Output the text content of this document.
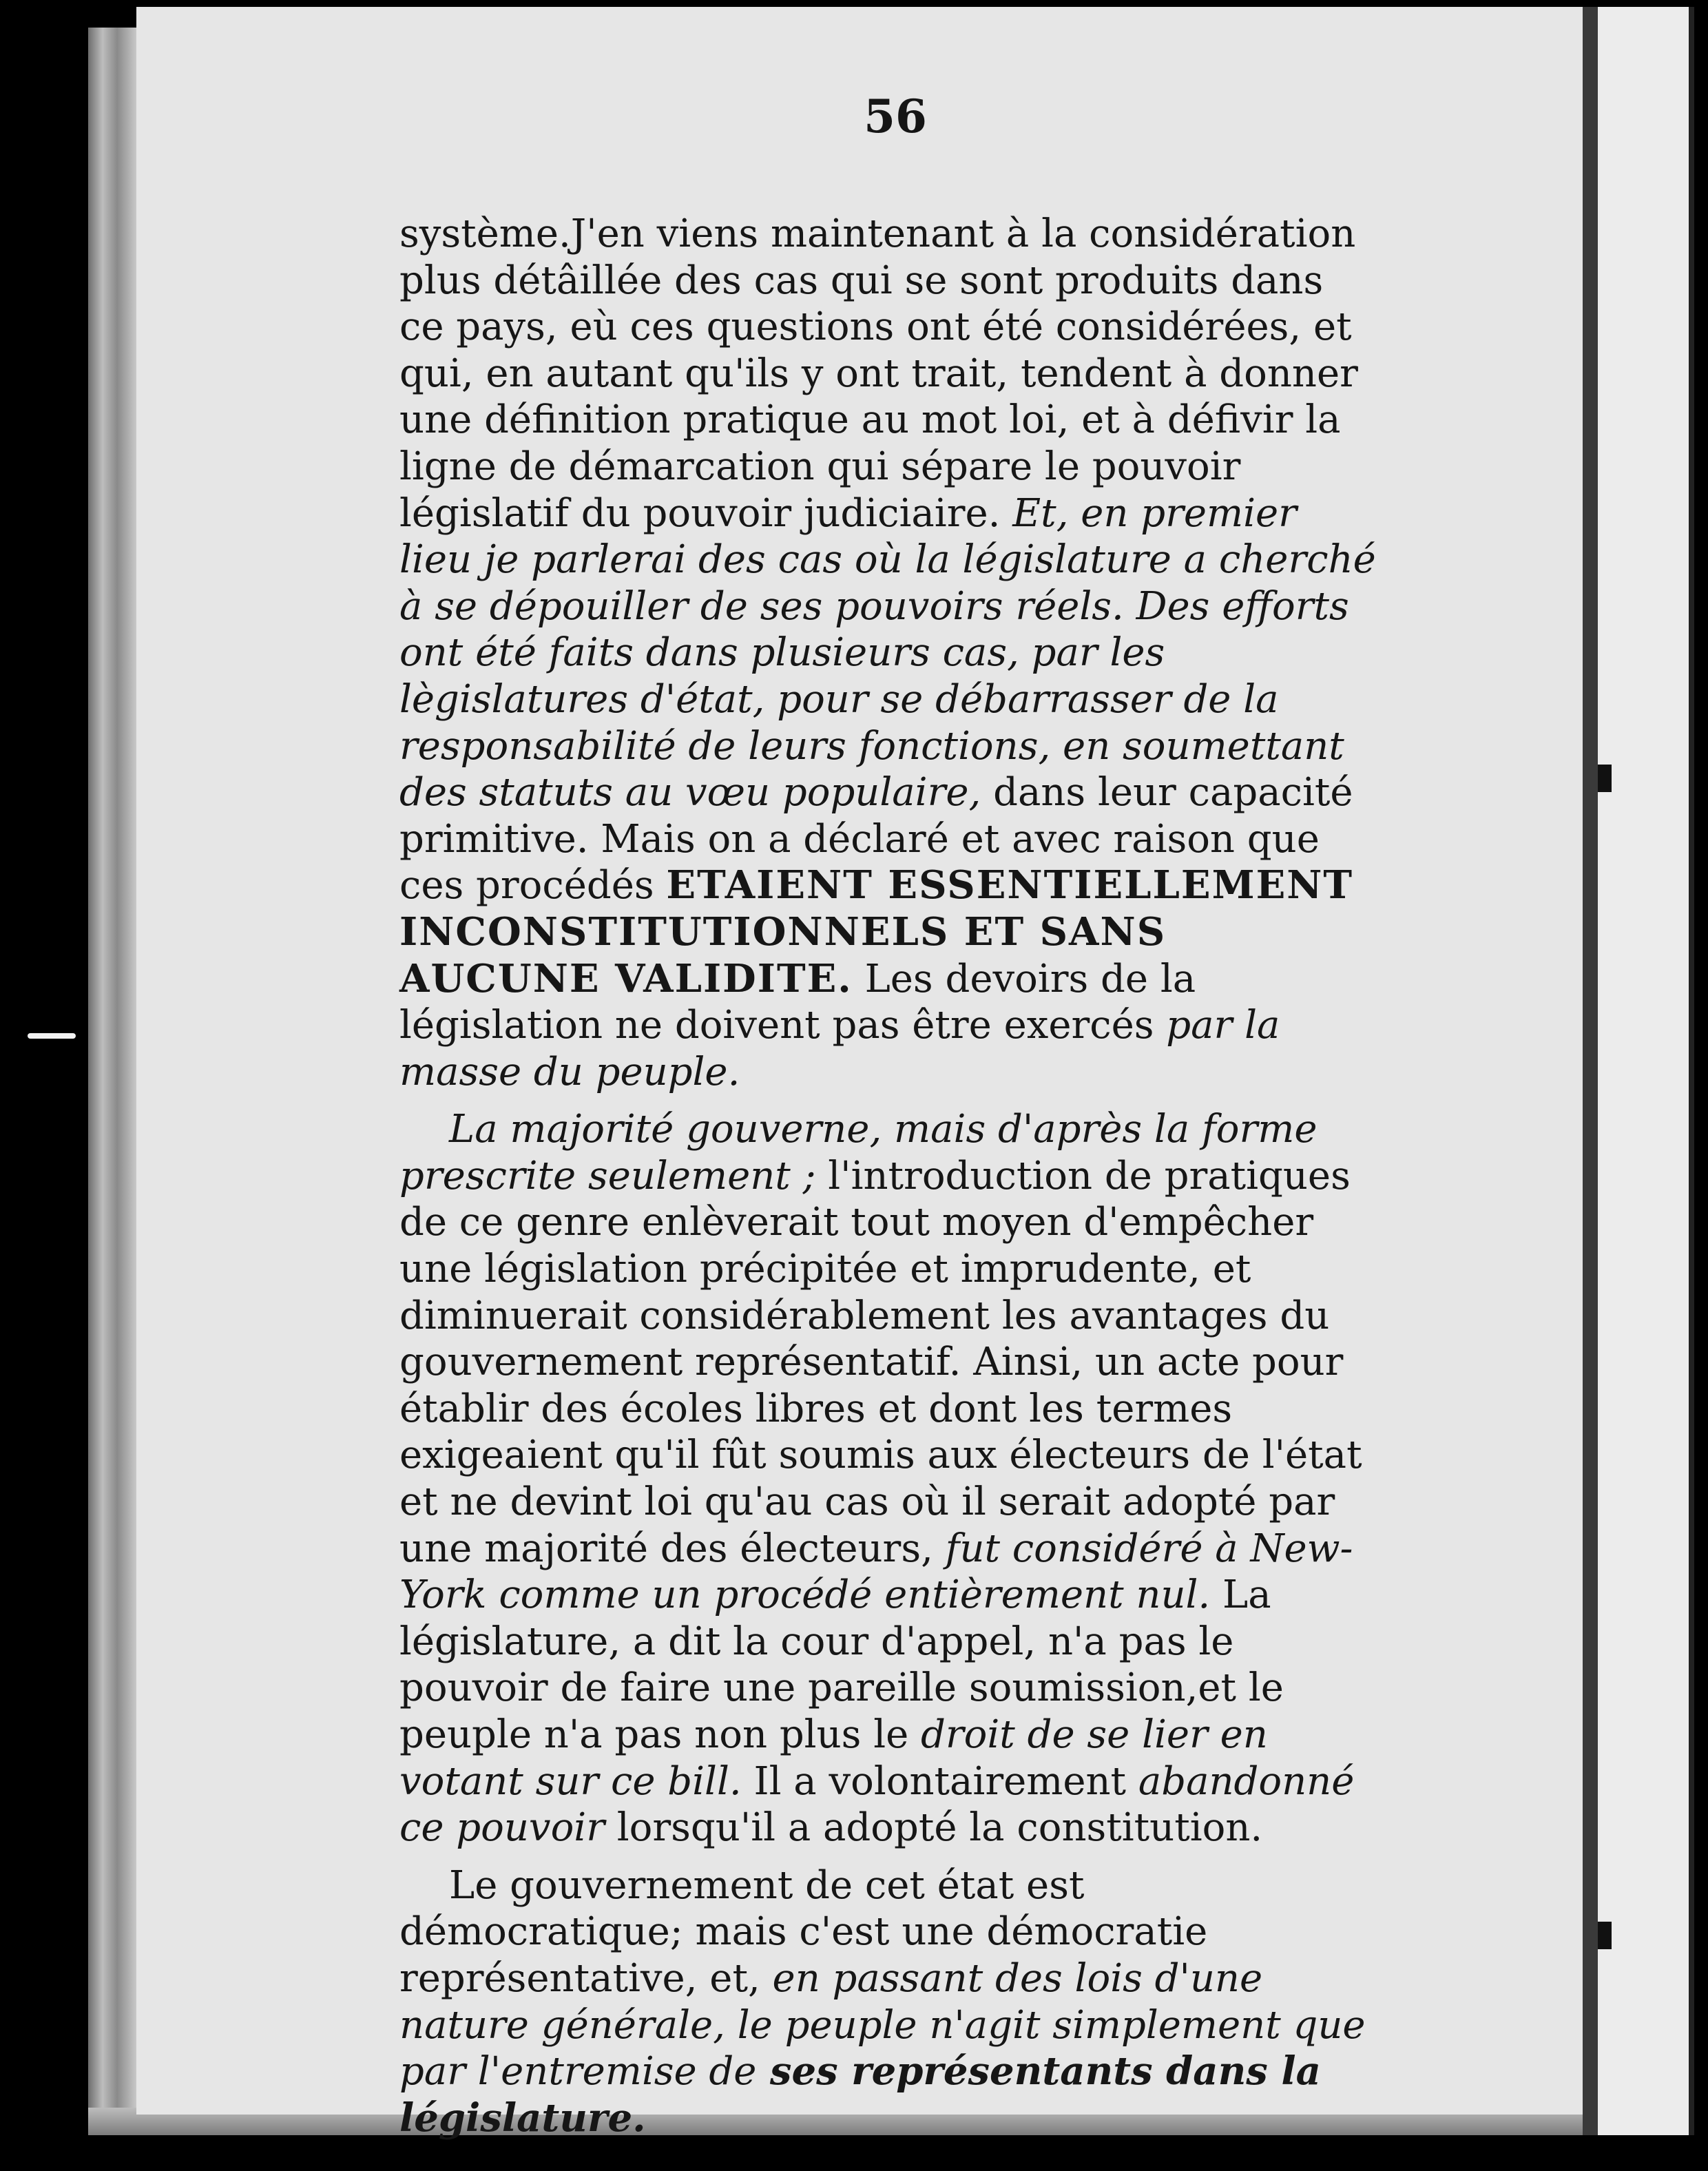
56

système.J'en viens maintenant à la considération plus détâillée des cas qui se sont produits dans ce pays, eù ces questions ont été considérées, et qui, en autant qu'ils y ont trait, tendent à donner une définition pratique au mot loi, et à défivir la ligne de démarcation qui sépare le pouvoir législatif du pouvoir judiciaire. Et, en premier lieu je parlerai des cas où la législature a cherché à se dépouiller de ses pouvoirs réels. Des efforts ont été faits dans plusieurs cas, par les lègislatures d'état, pour se débarrasser de la responsabilité de leurs fonctions, en soumettant des statuts au vœu populaire, dans leur capacité primitive. Mais on a déclaré et avec raison que ces procédés ETAIENT ESSENTIELLEMENT INCONSTITUTIONNELS ET SANS AUCUNE VALIDITE. Les devoirs de la législation ne doivent pas être exercés par la masse du peuple.

La majorité gouverne, mais d'après la forme prescrite seulement ; l'introduction de pratiques de ce genre enlèverait tout moyen d'empêcher une législation précipitée et imprudente, et diminuerait considérablement les avantages du gouvernement représentatif. Ainsi, un acte pour établir des écoles libres et dont les termes exigeaient qu'il fût soumis aux électeurs de l'état et ne devint loi qu'au cas où il serait adopté par une majorité des électeurs, fut considéré à New-York comme un procédé entièrement nul. La législature, a dit la cour d'appel, n'a pas le pouvoir de faire une pareille soumission,et le peuple n'a pas non plus le droit de se lier en votant sur ce bill. Il a volontairement abandonné ce pouvoir lorsqu'il a adopté la constitution.

Le gouvernement de cet état est démocratique; mais c'est une démocratie représentative, et, en passant des lois d'une nature générale, le peuple n'agit simplement que par l'entremise de ses représentants dans la législature.
